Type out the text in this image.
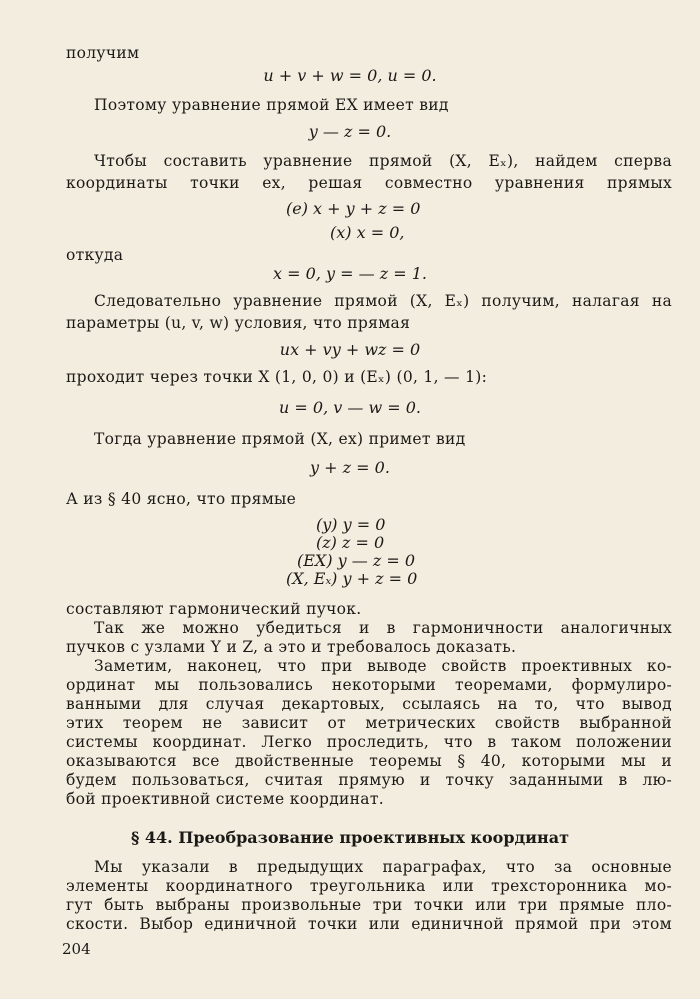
получим
u + v + w = 0, u = 0.
Поэтому уравнение прямой EX имеет вид
y — z = 0.
Чтобы составить уравнение прямой (X, Eₓ), найдем сперва
координаты точки ex, решая совместно уравнения прямых
(e) x + y + z = 0
(x) x = 0,
откуда
x = 0, y = — z = 1.
Следовательно уравнение прямой (X, Eₓ) получим, налагая на
параметры (u, v, w) условия, что прямая
ux + vy + wz = 0
проходит через точки X (1, 0, 0) и (Eₓ) (0, 1, — 1):
u = 0, v — w = 0.
Тогда уравнение прямой (X, ex) примет вид
y + z = 0.
А из § 40 ясно, что прямые
(y) y = 0
(z) z = 0
(EX) y — z = 0
(X, Eₓ) y + z = 0
составляют гармонический пучок.
Так же можно убедиться и в гармоничности аналогичных
пучков с узлами Y и Z, а это и требовалось доказать.
Заметим, наконец, что при выводе свойств проективных ко-
ординат мы пользовались некоторыми теоремами, формулиро-
ванными для случая декартовых, ссылаясь на то, что вывод
этих теорем не зависит от метрических свойств выбранной
системы координат. Легко проследить, что в таком положении
оказываются все двойственные теоремы § 40, которыми мы и
будем пользоваться, считая прямую и точку заданными в лю-
бой проективной системе координат.
§ 44. Преобразование проективных координат
Мы указали в предыдущих параграфах, что за основные
элементы координатного треугольника или трехсторонника мо-
гут быть выбраны произвольные три точки или три прямые пло-
скости. Выбор единичной точки или единичной прямой при этом
204
